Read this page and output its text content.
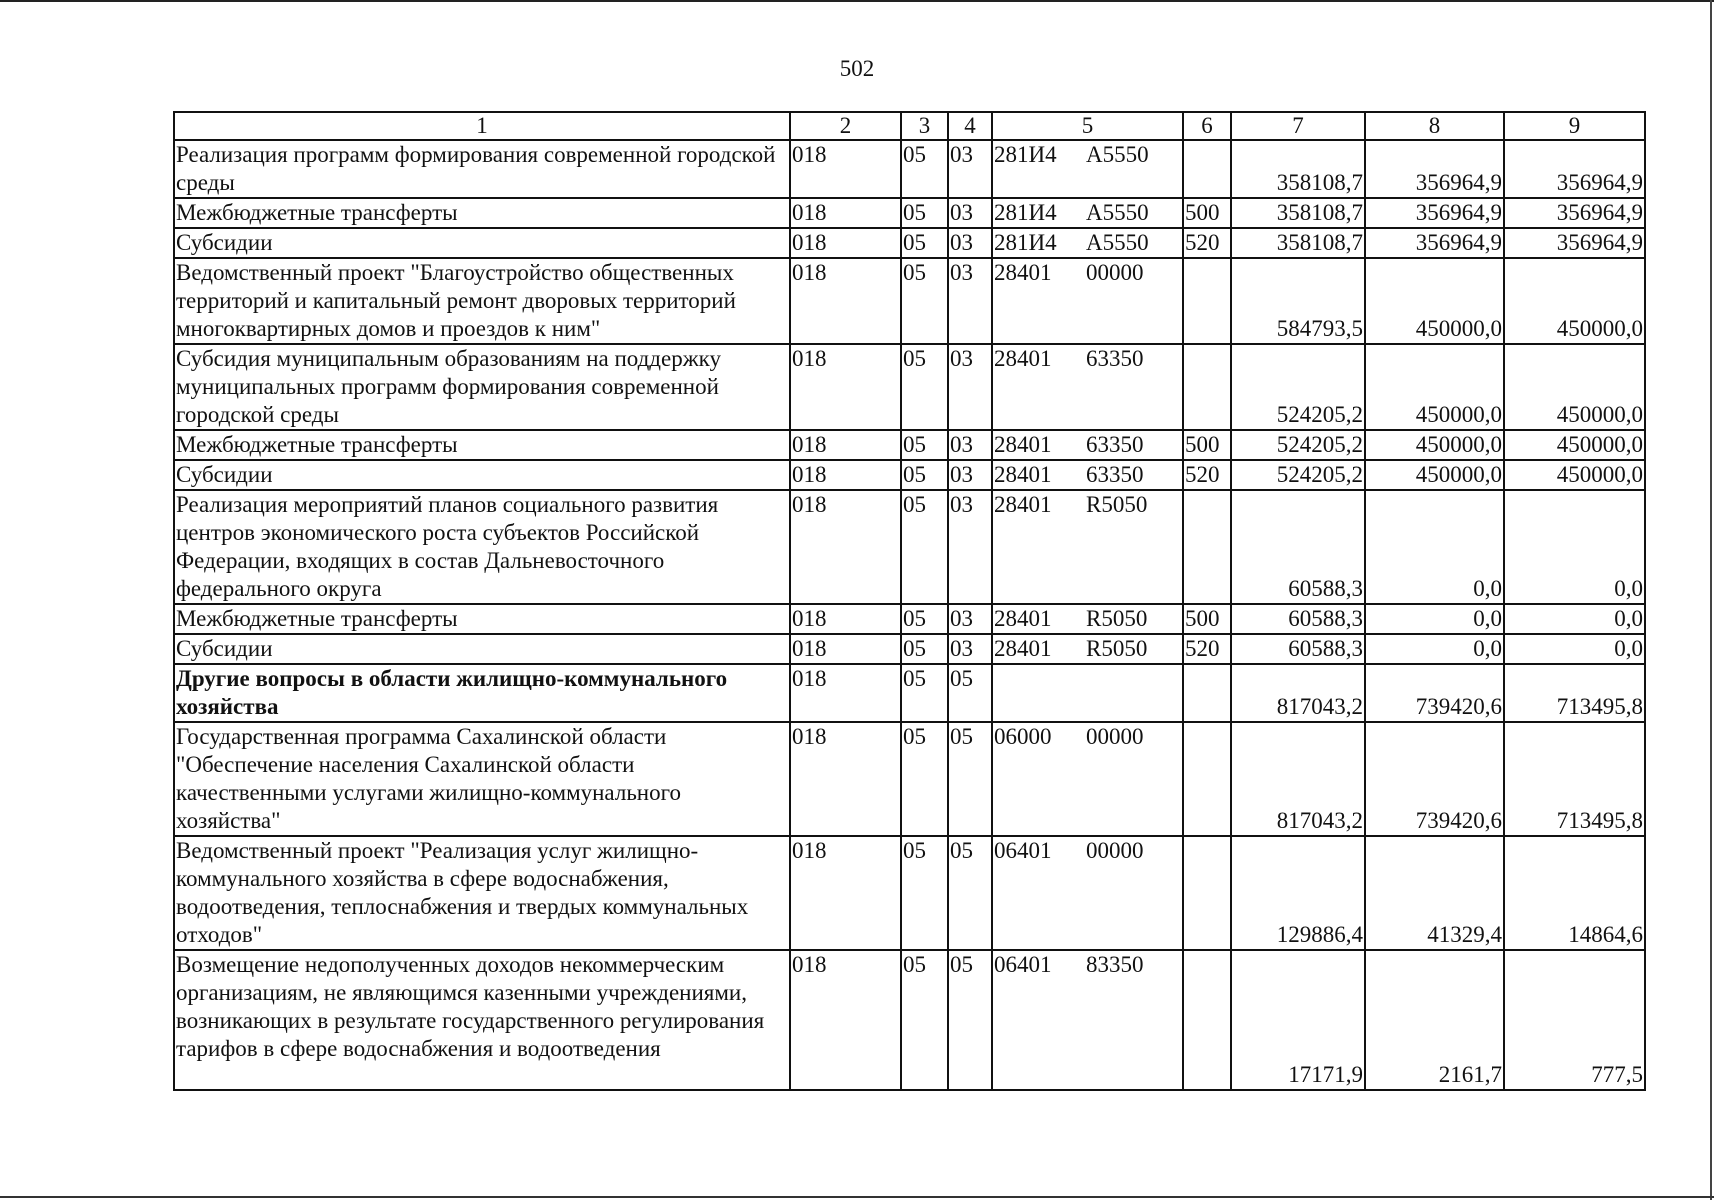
502
1	2	3	4	5	6	7	8	9
Реализация программ формирования современной городской среды	018	05	03	281И4 А5550		358108,7	356964,9	356964,9
Межбюджетные трансферты	018	05	03	281И4 А5550	500	358108,7	356964,9	356964,9
Субсидии	018	05	03	281И4 А5550	520	358108,7	356964,9	356964,9
Ведомственный проект "Благоустройство общественных территорий и капитальный ремонт дворовых территорий многоквартирных домов и проездов к ним"	018	05	03	28401 00000		584793,5	450000,0	450000,0
Субсидия муниципальным образованиям на поддержку муниципальных программ формирования современной городской среды	018	05	03	28401 63350		524205,2	450000,0	450000,0
Межбюджетные трансферты	018	05	03	28401 63350	500	524205,2	450000,0	450000,0
Субсидии	018	05	03	28401 63350	520	524205,2	450000,0	450000,0
Реализация мероприятий планов социального развития центров экономического роста субъектов Российской Федерации, входящих в состав Дальневосточного федерального округа	018	05	03	28401 R5050		60588,3	0,0	0,0
Межбюджетные трансферты	018	05	03	28401 R5050	500	60588,3	0,0	0,0
Субсидии	018	05	03	28401 R5050	520	60588,3	0,0	0,0
Другие вопросы в области жилищно-коммунального хозяйства	018	05	05			817043,2	739420,6	713495,8
Государственная программа Сахалинской области "Обеспечение населения Сахалинской области качественными услугами жилищно-коммунального хозяйства"	018	05	05	06000 00000		817043,2	739420,6	713495,8
Ведомственный проект "Реализация услуг жилищно-коммунального хозяйства в сфере водоснабжения, водоотведения, теплоснабжения и твердых коммунальных отходов"	018	05	05	06401 00000		129886,4	41329,4	14864,6
Возмещение недополученных доходов некоммерческим организациям, не являющимся казенными учреждениями, возникающих в результате государственного регулирования тарифов в сфере водоснабжения и водоотведения	018	05	05	06401 83350		17171,9	2161,7	777,5
